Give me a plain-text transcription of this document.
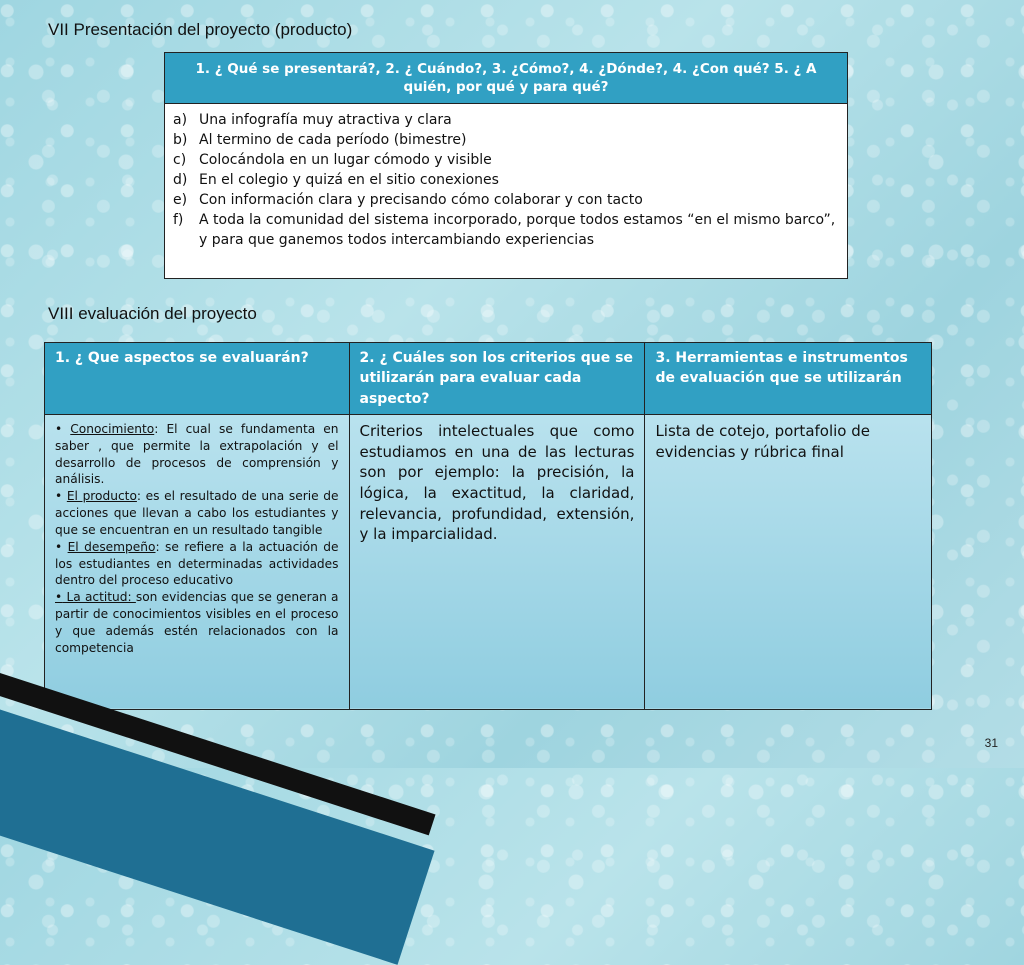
VII Presentación del proyecto (producto)
1. ¿ Qué se presentará?, 2. ¿ Cuándo?, 3. ¿Cómo?, 4. ¿Dónde?, 4. ¿Con qué? 5. ¿ A quién, por qué y para qué?

a) Una infografía muy atractiva y clara
b) Al termino de cada período (bimestre)
c) Colocándola en un lugar cómodo y visible
d) En el colegio y quizá en el sitio conexiones
e) Con información clara y precisando cómo colaborar y con tacto
f)	A toda la comunidad del sistema incorporado, porque todos estamos “en el mismo barco”, y para que ganemos todos intercambiando experiencias
VIII evaluación del proyecto
1. ¿ Que aspectos se evaluarán?	2. ¿ Cuáles son los criterios que se utilizarán para evaluar cada aspecto?	3. Herramientas e instrumentos de evaluación que se utilizarán

• Conocimiento: El cual se fundamenta en saber , que permite la extrapolación y el desarrollo de procesos de comprensión y análisis.

• El producto: es el resultado de una serie de acciones que llevan a cabo los estudiantes y que se encuentran en un resultado tangible

• El desempeño: se refiere a la actuación de los estudiantes en determinadas actividades dentro del proceso educativo

• La actitud: son evidencias que se generan a partir de conocimientos visibles en el proceso y que además estén relacionados con la competencia	Criterios intelectuales que como estudiamos en una de las lecturas son por ejemplo: la precisión, la lógica, la exactitud, la claridad, relevancia, profundidad, extensión, y la imparcialidad.	Lista de cotejo, portafolio de evidencias y rúbrica final
31
